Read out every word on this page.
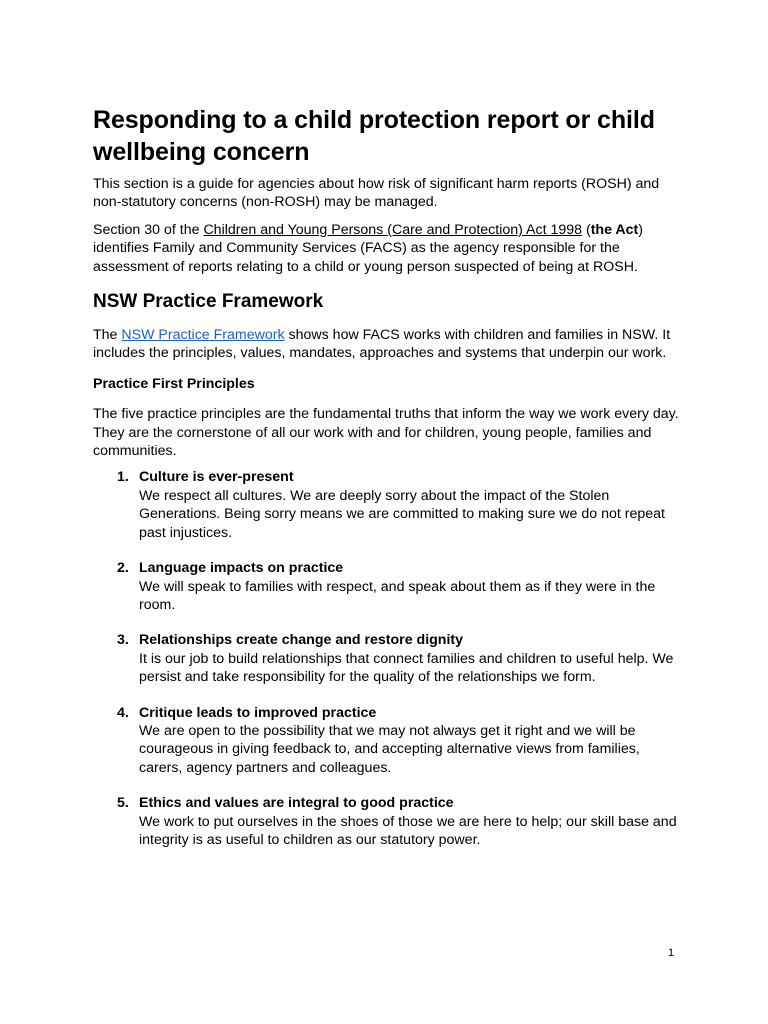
Responding to a child protection report or child wellbeing concern

This section is a guide for agencies about how risk of significant harm reports (ROSH) and non-statutory concerns (non-ROSH) may be managed.

Section 30 of the Children and Young Persons (Care and Protection) Act 1998 (the Act) identifies Family and Community Services (FACS) as the agency responsible for the assessment of reports relating to a child or young person suspected of being at ROSH.

NSW Practice Framework

The NSW Practice Framework shows how FACS works with children and families in NSW. It includes the principles, values, mandates, approaches and systems that underpin our work.

Practice First Principles

The five practice principles are the fundamental truths that inform the way we work every day. They are the cornerstone of all our work with and for children, young people, families and communities.

1. Culture is ever-present
We respect all cultures. We are deeply sorry about the impact of the Stolen Generations. Being sorry means we are committed to making sure we do not repeat past injustices.
2. Language impacts on practice
We will speak to families with respect, and speak about them as if they were in the room.
3. Relationships create change and restore dignity
It is our job to build relationships that connect families and children to useful help. We persist and take responsibility for the quality of the relationships we form.
4. Critique leads to improved practice
We are open to the possibility that we may not always get it right and we will be courageous in giving feedback to, and accepting alternative views from families, carers, agency partners and colleagues.
5. Ethics and values are integral to good practice
We work to put ourselves in the shoes of those we are here to help; our skill base and integrity is as useful to children as our statutory power.
1
